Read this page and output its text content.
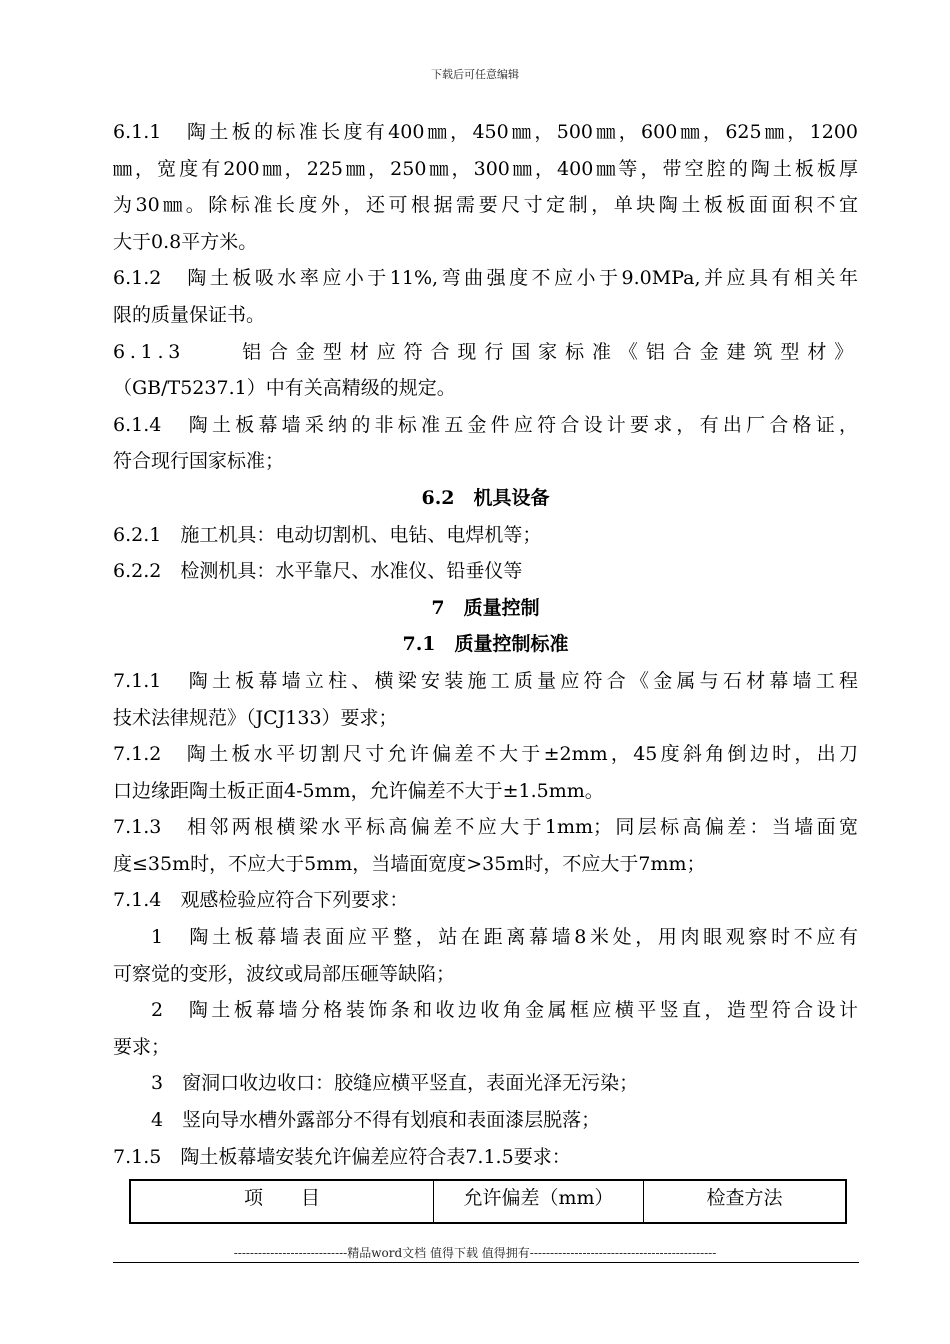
下载后可任意编辑
6.1.1　陶土板的标准长度有400㎜，450㎜，500㎜，600㎜，625㎜，1200
㎜，宽度有200㎜，225㎜，250㎜，300㎜，400㎜等，带空腔的陶土板板厚
为30㎜。除标准长度外，还可根据需要尺寸定制，单块陶土板板面面积不宜
大于0.8平方米。
6.1.2　陶土板吸水率应小于11%,弯曲强度不应小于9.0MPa,并应具有相关年
限的质量保证书。
6.1.3　　铝合金型材应符合现行国家标准《铝合金建筑型材》
（GB/T5237.1）中有关高精级的规定。
6.1.4　陶土板幕墙采纳的非标准五金件应符合设计要求，有出厂合格证，
符合现行国家标准；
6.2　机具设备
6.2.1　施工机具：电动切割机、电钻、电焊机等；
6.2.2　检测机具：水平靠尺、水准仪、铅垂仪等
7　质量控制
7.1　质量控制标准
7.1.1　陶土板幕墙立柱、横梁安装施工质量应符合《金属与石材幕墙工程
技术法律规范》（JCJ133）要求；
7.1.2　陶土板水平切割尺寸允许偏差不大于±2mm，45度斜角倒边时，出刀
口边缘距陶土板正面4-5mm，允许偏差不大于±1.5mm。
7.1.3　相邻两根横梁水平标高偏差不应大于1mm；同层标高偏差：当墙面宽
度≤35m时，不应大于5mm，当墙面宽度>35m时，不应大于7mm；
7.1.4　观感检验应符合下列要求：
1　陶土板幕墙表面应平整，站在距离幕墙8米处，用肉眼观察时不应有
可察觉的变形，波纹或局部压砸等缺陷；
2　陶土板幕墙分格装饰条和收边收角金属框应横平竖直，造型符合设计
要求；
3　窗洞口收边收口：胶缝应横平竖直，表面光泽无污染；
4　竖向导水槽外露部分不得有划痕和表面漆层脱落；
7.1.5　陶土板幕墙安装允许偏差应符合表7.1.5要求：
项　　目	允许偏差（mm）	检查方法
----------------------------精品word文档 值得下载 值得拥有----------------------------------------------
